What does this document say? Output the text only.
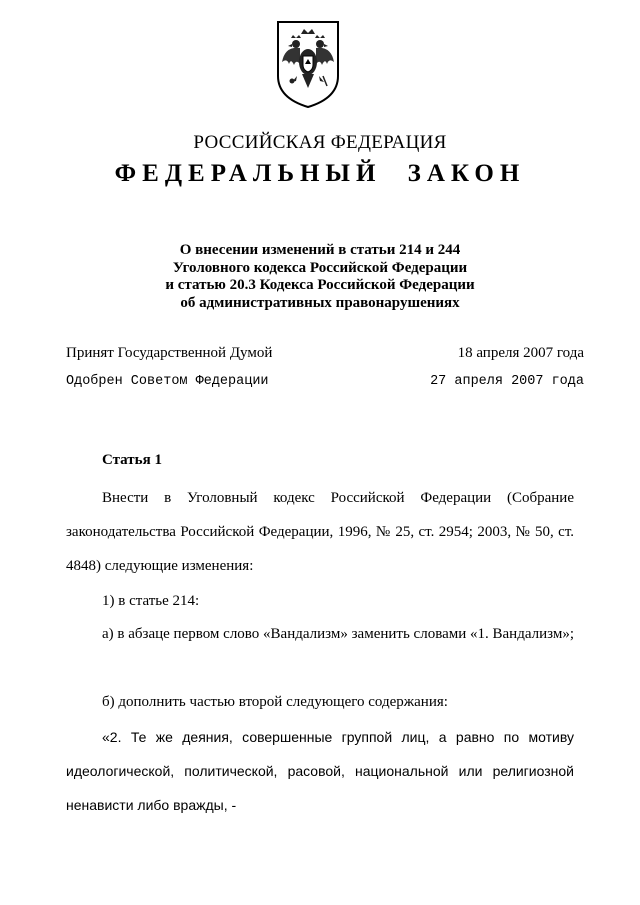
РОССИЙСКАЯ ФЕДЕРАЦИЯ
ФЕДЕРАЛЬНЫЙ ЗАКОН
О внесении изменений в статьи 214 и 244
Уголовного кодекса Российской Федерации
и статью 20.3 Кодекса Российской Федерации
об административных правонарушениях
Принят Государственной Думой	18 апреля 2007 года
Одобрен Советом Федерации	27 апреля 2007 года
Статья 1
Внести в Уголовный кодекс Российской Федерации (Собрание законодательства Российской Федерации, 1996, № 25, ст. 2954; 2003, № 50, ст. 4848) следующие изменения:
1) в статье 214:
а) в абзаце первом слово «Вандализм» заменить словами «1. Вандализм»;
б) дополнить частью второй следующего содержания:
«2. Те же деяния, совершенные группой лиц, а равно по мотиву идеологической, политической, расовой, национальной или религиозной ненависти либо вражды, -
